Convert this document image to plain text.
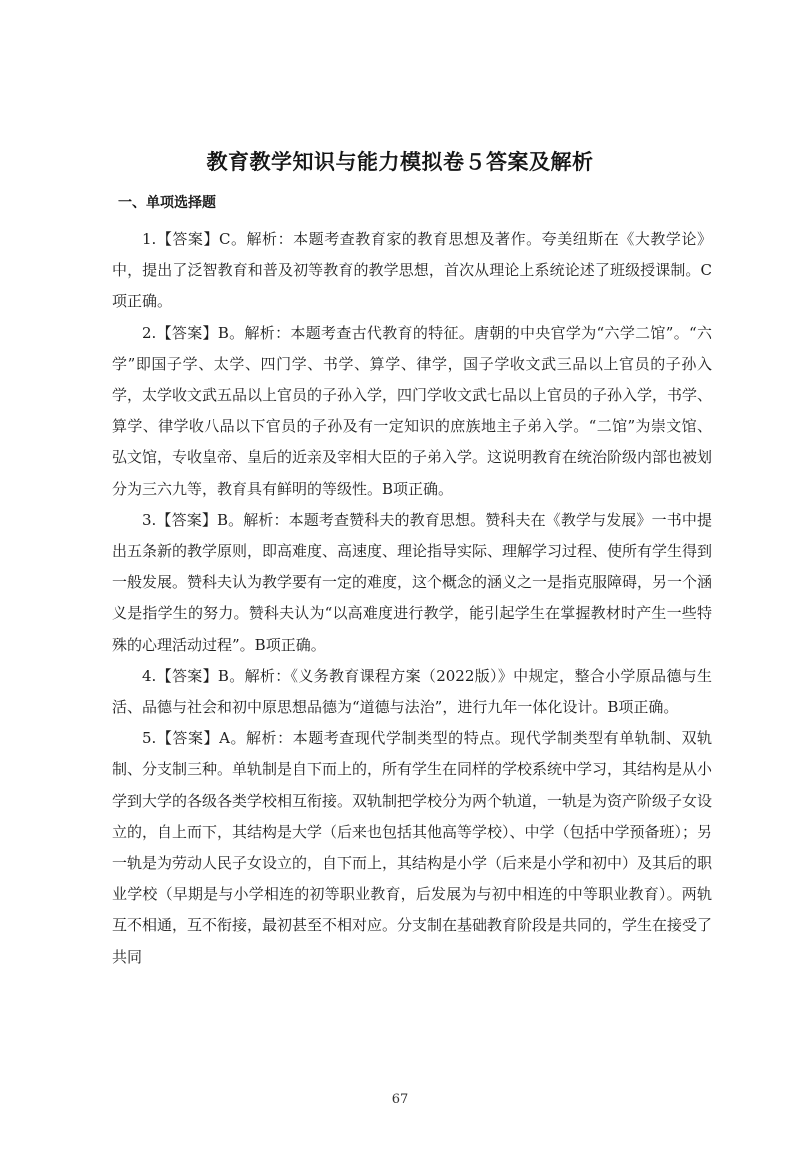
教育教学知识与能力模拟卷５答案及解析
一、单项选择题

1.【答案】C。解析：本题考查教育家的教育思想及著作。夸美纽斯在《大教学论》中，提出了泛智教育和普及初等教育的教学思想，首次从理论上系统论述了班级授课制。C项正确。

2.【答案】B。解析：本题考查古代教育的特征。唐朝的中央官学为“六学二馆”。“六学”即国子学、太学、四门学、书学、算学、律学，国子学收文武三品以上官员的子孙入学，太学收文武五品以上官员的子孙入学，四门学收文武七品以上官员的子孙入学，书学、算学、律学收八品以下官员的子孙及有一定知识的庶族地主子弟入学。“二馆”为崇文馆、弘文馆，专收皇帝、皇后的近亲及宰相大臣的子弟入学。这说明教育在统治阶级内部也被划分为三六九等，教育具有鲜明的等级性。B项正确。

3.【答案】B。解析：本题考查赞科夫的教育思想。赞科夫在《教学与发展》一书中提出五条新的教学原则，即高难度、高速度、理论指导实际、理解学习过程、使所有学生得到一般发展。赞科夫认为教学要有一定的难度，这个概念的涵义之一是指克服障碍，另一个涵义是指学生的努力。赞科夫认为“以高难度进行教学，能引起学生在掌握教材时产生一些特殊的心理活动过程”。B项正确。

4.【答案】B。解析：《义务教育课程方案（2022版）》中规定，整合小学原品德与生活、品德与社会和初中原思想品德为“道德与法治”，进行九年一体化设计。B项正确。

5.【答案】A。解析：本题考查现代学制类型的特点。现代学制类型有单轨制、双轨制、分支制三种。单轨制是自下而上的，所有学生在同样的学校系统中学习，其结构是从小学到大学的各级各类学校相互衔接。双轨制把学校分为两个轨道，一轨是为资产阶级子女设立的，自上而下，其结构是大学（后来也包括其他高等学校）、中学（包括中学预备班）；另一轨是为劳动人民子女设立的，自下而上，其结构是小学（后来是小学和初中）及其后的职业学校（早期是与小学相连的初等职业教育，后发展为与初中相连的中等职业教育）。两轨互不相通，互不衔接，最初甚至不相对应。分支制在基础教育阶段是共同的，学生在接受了共同

67
